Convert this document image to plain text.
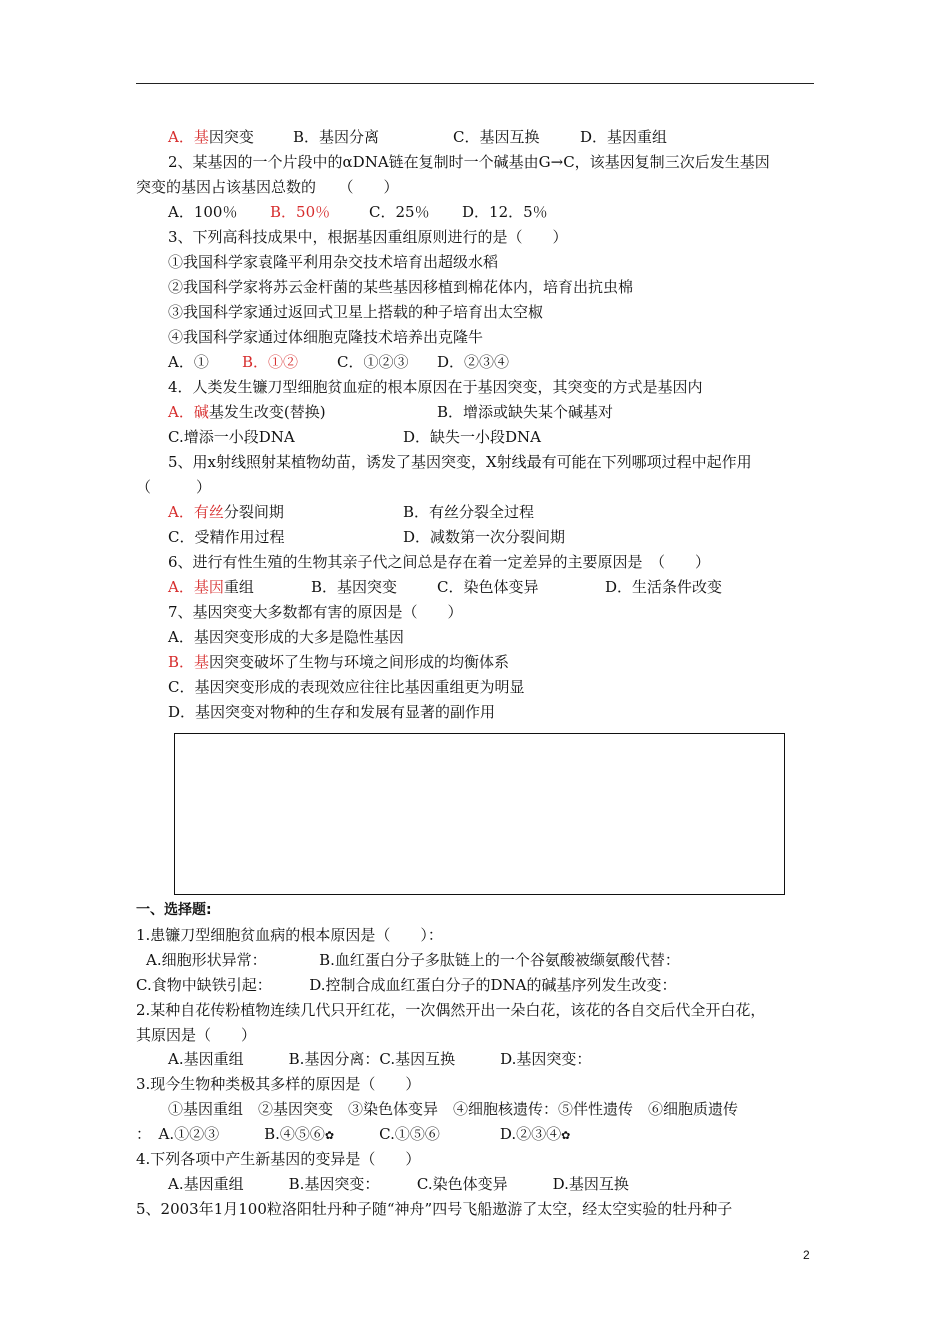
A．基因突变	B．基因分离	C．基因互换	D．基因重组
2、某基因的一个片段中的αDNA链在复制时一个碱基由G→C，该基因复制三次后发生基因
突变的基因占该基因总数的　　（　　）
A．100％ B．50％	C．25％ D．12．5％
3、下列高科技成果中，根据基因重组原则进行的是（　　）
①我国科学家袁隆平利用杂交技术培育出超级水稻
②我国科学家将苏云金杆菌的某些基因移植到棉花体内，培育出抗虫棉
③我国科学家通过返回式卫星上搭载的种子培育出太空椒
④我国科学家通过体细胞克隆技术培养出克隆牛
A．① B．①②	C．①②③ D．②③④
4．人类发生镰刀型细胞贫血症的根本原因在于基因突变，其突变的方式是基因内
A．碱基发生改变(替换)	B．增添或缺失某个碱基对
C.增添一小段DNA	D．缺失一小段DNA
5、用x射线照射某植物幼苗，诱发了基因突变，X射线最有可能在下列哪项过程中起作用
（　　　）
A．有丝分裂间期	B．有丝分裂全过程
C．受精作用过程	D．减数第一次分裂间期
6、进行有性生殖的生物其亲子代之间总是存在着一定差异的主要原因是　（　　）
A．基因重组	B．基因突变	C．染色体变异	D．生活条件改变
7、基因突变大多数都有害的原因是（　　）
A．基因突变形成的大多是隐性基因
B．基因突变破坏了生物与环境之间形成的均衡体系
C．基因突变形成的表现效应往往比基因重组更为明显
D．基因突变对物种的生存和发展有显著的副作用
一、选择题:
1.患镰刀型细胞贫血病的根本原因是（　　）：
A.细胞形状异常：　　　　B.血红蛋白分子多肽链上的一个谷氨酸被缬氨酸代替：
C.食物中缺铁引起：　　　D.控制合成血红蛋白分子的DNA的碱基序列发生改变：
2.某种自花传粉植物连续几代只开红花，一次偶然开出一朵白花，该花的各自交后代全开白花，
其原因是（　　）
A.基因重组　　　B.基因分离：C.基因互换　　　D.基因突变：
3.现今生物种类极其多样的原因是（　　）
①基因重组　②基因突变　③染色体变异　④细胞核遗传：⑤伴性遗传　⑥细胞质遗传
：　A.①②③　　　B.④⑤⑥✿　　　C.①⑤⑥　　　　D.②③④✿
4.下列各项中产生新基因的变异是（　　）
A.基因重组　　　B.基因突变：　　　C.染色体变异　　　D.基因互换
5、2003年1月100粒洛阳牡丹种子随“神舟”四号飞船遨游了太空，经太空实验的牡丹种子
2
